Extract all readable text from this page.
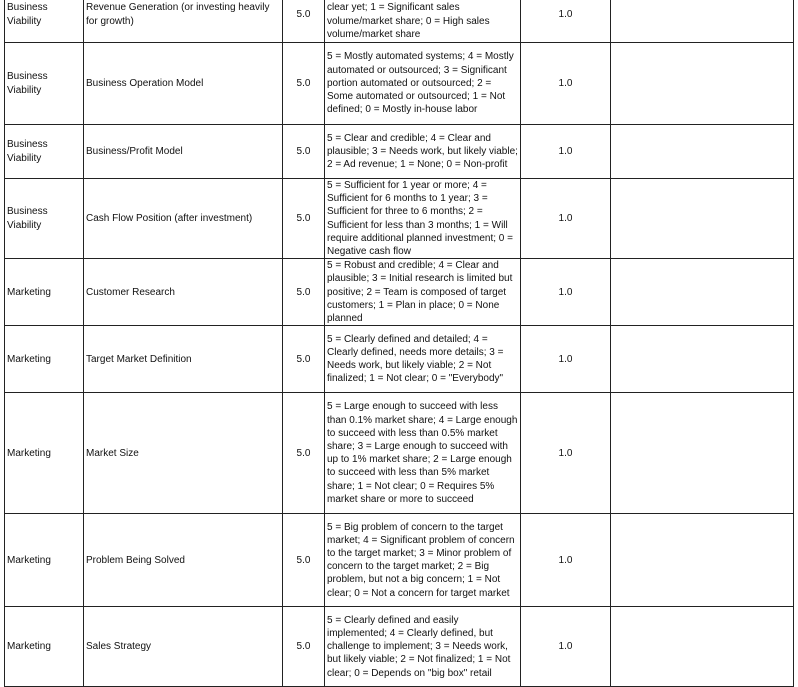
Business Viability	Revenue Generation (or investing heavily for growth)	5.0	clear yet; 1 = Significant sales volume/market share; 0 = High sales volume/market share	1.0	
Business Viability	Business Operation Model	5.0	5 = Mostly automated systems; 4 = Mostly automated or outsourced; 3 = Significant portion automated or outsourced; 2 = Some automated or outsourced; 1 = Not defined; 0 = Mostly in-house labor	1.0	
Business Viability	Business/Profit Model	5.0	5 = Clear and credible; 4 = Clear and plausible; 3 = Needs work, but likely viable; 2 = Ad revenue; 1 = None; 0 = Non-profit	1.0	
Business Viability	Cash Flow Position (after investment)	5.0	5 = Sufficient for 1 year or more; 4 = Sufficient for 6 months to 1 year; 3 = Sufficient for three to 6 months; 2 = Sufficient for less than 3 months; 1 = Will require additional planned investment; 0 = Negative cash flow	1.0	
Marketing	Customer Research	5.0	5 = Robust and credible; 4 = Clear and plausible; 3 = Initial research is limited but positive; 2 = Team is composed of target customers; 1 = Plan in place; 0 = None planned	1.0	
Marketing	Target Market Definition	5.0	5 = Clearly defined and detailed; 4 = Clearly defined, needs more details; 3 = Needs work, but likely viable; 2 = Not finalized; 1 = Not clear; 0 = "Everybody"	1.0	
Marketing	Market Size	5.0	5 = Large enough to succeed with less than 0.1% market share; 4 = Large enough to succeed with less than 0.5% market share; 3 = Large enough to succeed with up to 1% market share; 2 = Large enough to succeed with less than 5% market share; 1 = Not clear; 0 = Requires 5% market share or more to succeed	1.0	
Marketing	Problem Being Solved	5.0	5 = Big problem of concern to the target market; 4 = Significant problem of concern to the target market; 3 = Minor problem of concern to the target market; 2 = Big problem, but not a big concern; 1 = Not clear; 0 = Not a concern for target market	1.0	
Marketing	Sales Strategy	5.0	5 = Clearly defined and easily implemented; 4 = Clearly defined, but challenge to implement; 3 = Needs work, but likely viable; 2 = Not finalized; 1 = Not clear; 0 = Depends on "big box" retail	1.0	
